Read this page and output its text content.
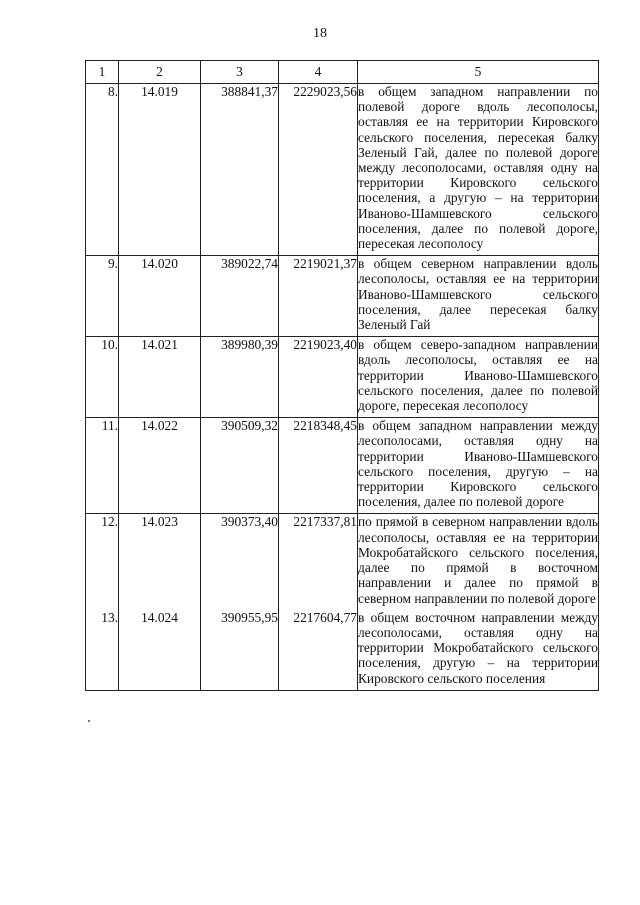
18
1	2	3	4	5
8.	14.019	388841,37	2229023,56	в общем западном направлении по полевой дороге вдоль лесополосы, оставляя ее на территории Кировского сельского поселения, пересекая балку Зеленый Гай, далее по полевой дороге между лесополосами, оставляя одну на территории Кировского сельского поселения, а другую – на территории Иваново-Шамшевского сельского поселения, далее по полевой дороге, пересекая лесополосу
9.	14.020	389022,74	2219021,37	в общем северном направлении вдоль лесополосы, оставляя ее на территории Иваново-Шамшевского сельского поселения, далее пересекая балку Зеленый Гай
10.	14.021	389980,39	2219023,40	в общем северо-западном направлении вдоль лесополосы, оставляя ее на территории Иваново-Шамшевского сельского поселения, далее по полевой дороге, пересекая лесополосу
11.	14.022	390509,32	2218348,45	в общем западном направлении между лесополосами, оставляя одну на территории Иваново-Шамшевского сельского поселения, другую – на территории Кировского сельского поселения, далее по полевой дороге
12.	14.023	390373,40	2217337,81	по прямой в северном направлении вдоль лесополосы, оставляя ее на территории Мокробатайского сельского поселения, далее по прямой в восточном направлении и далее по прямой в северном направлении по полевой дороге
13.	14.024	390955,95	2217604,77	в общем восточном направлении между лесополосами, оставляя одну на территории Мокробатайского сельского поселения, другую – на территории Кировского сельского поселения
